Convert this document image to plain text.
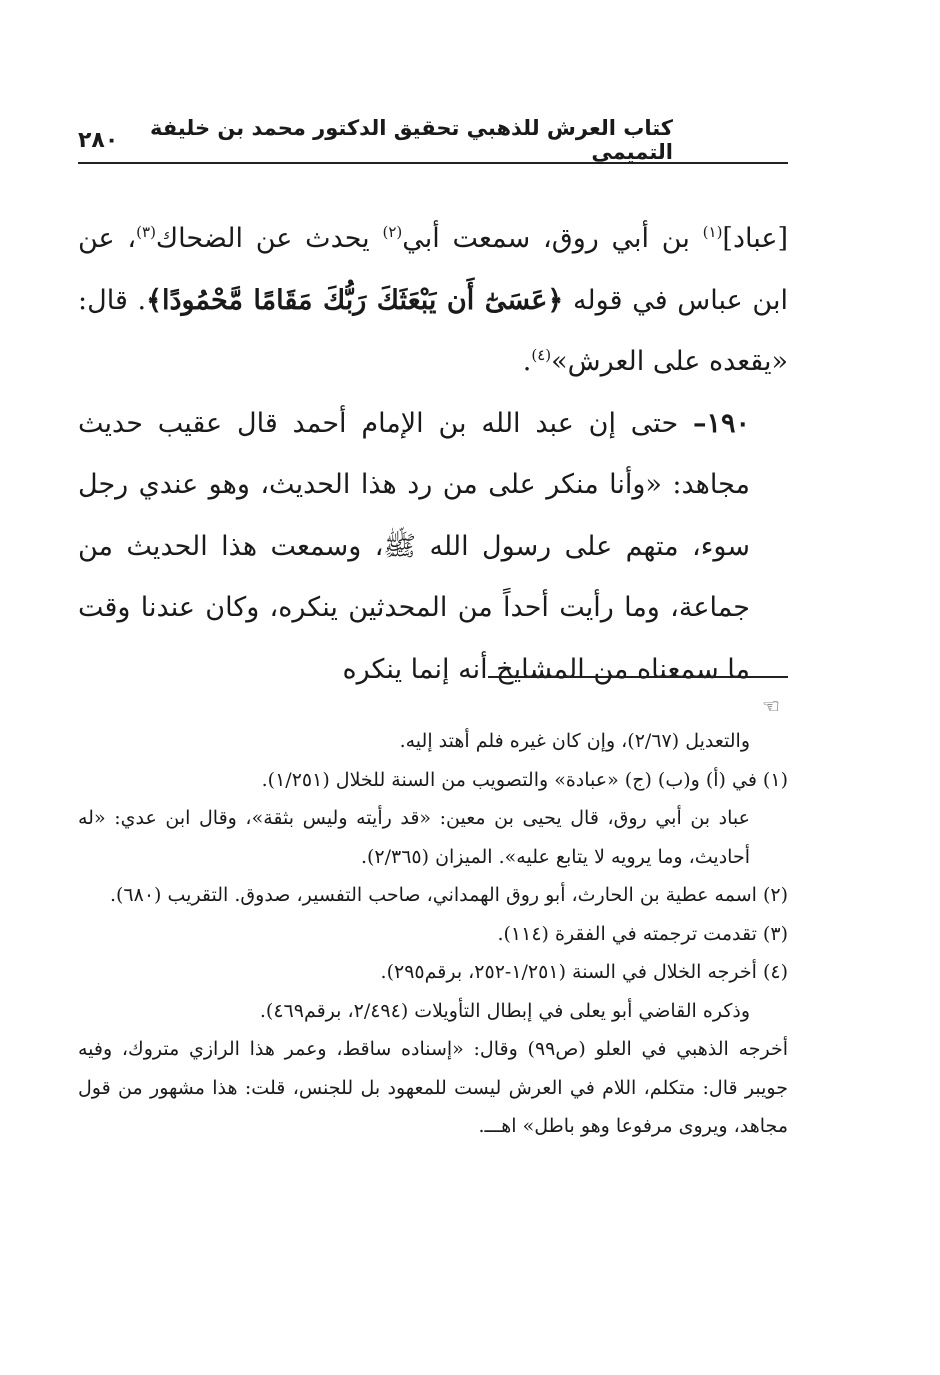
كتاب العرش للذهبي تحقيق الدكتور محمد بن خليفة التميمي
٢٨٠

[عباد]$^{(١)}$ بن أبي روق، سمعت أبي$^{(٢)}$ يحدث عن الضحاك$^{(٣)}$، عن ابن عباس في قوله ﴿عَسَىٰٓ أَن يَبْعَثَكَ رَبُّكَ مَقَامًا مَّحْمُودًا﴾. قال: «يقعده على العرش»$^{(٤)}$.

١٩٠– حتى إن عبد الله بن الإمام أحمد قال عقيب حديث مجاهد: «وأنا منكر على من رد هذا الحديث، وهو عندي رجل سوء، متهم على رسول الله ﷺ، وسمعت هذا الحديث من جماعة، وما رأيت أحداً من المحدثين ينكره، وكان عندنا وقت ما سمعناه من المشايخ أنه إنما ينكره

☜

والتعديل (٢/٦٧)، وإن كان غيره فلم أهتد إليه.

(١) في (أ) و(ب) (ج) «عبادة» والتصويب من السنة للخلال (١/٢٥١).

عباد بن أبي روق، قال يحيى بن معين: «قد رأيته وليس بثقة»، وقال ابن عدي: «له أحاديث، وما يرويه لا يتابع عليه». الميزان (٢/٣٦٥).

(٢) اسمه عطية بن الحارث، أبو روق الهمداني، صاحب التفسير، صدوق. التقريب (٦٨٠).

(٣) تقدمت ترجمته في الفقرة (١١٤).

(٤) أخرجه الخلال في السنة (١/٢٥١-٢٥٢، برقم٢٩٥).

وذكره القاضي أبو يعلى في إبطال التأويلات (٢/٤٩٤، برقم٤٦٩).

أخرجه الذهبي في العلو (ص٩٩) وقال: «إسناده ساقط، وعمر هذا الرازي متروك، وفيه جويبر قال: متكلم، اللام في العرش ليست للمعهود بل للجنس، قلت: هذا مشهور من قول مجاهد، ويروى مرفوعا وهو باطل» اهـــ.
